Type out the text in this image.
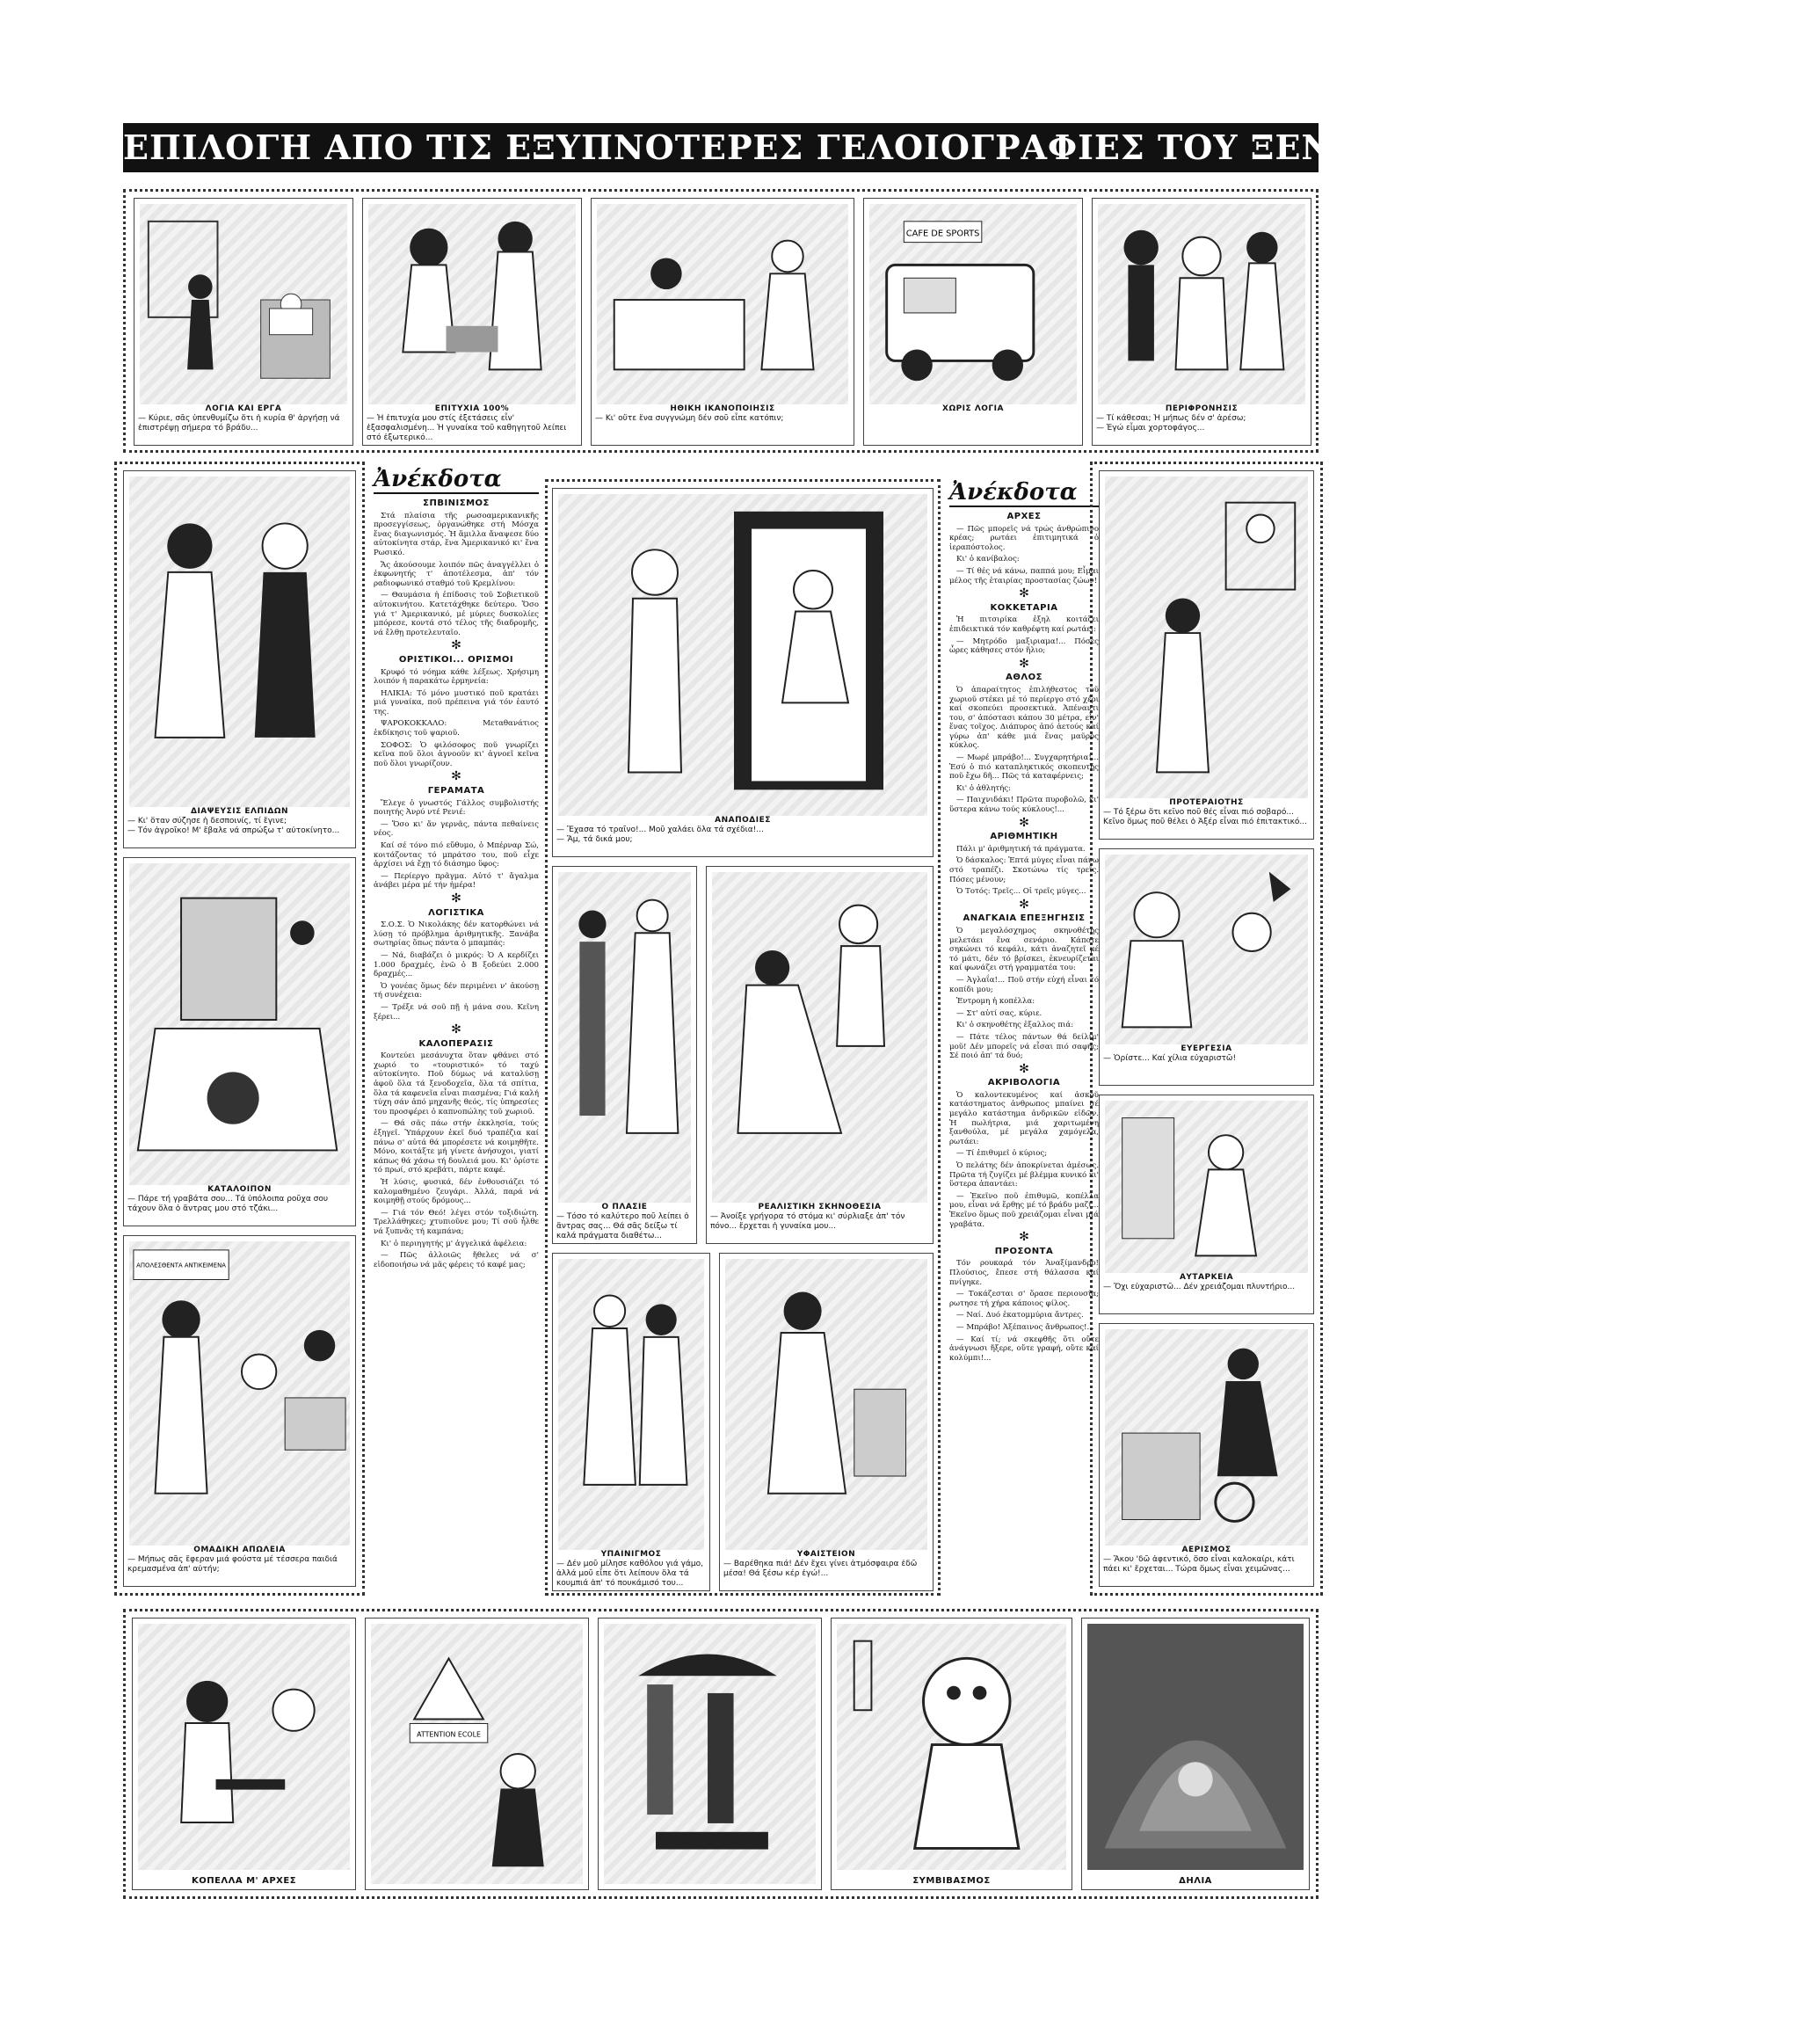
ΕΠΙΛΟΓΗ ΑΠΟ ΤΙΣ ΕΞΥΠΝΟΤΕΡΕΣ ΓΕΛΟΙΟΓΡΑΦΙΕΣ ΤΟΥ ΞΕΝΟΥ ΠΕΡΙΟΔΙΚΟΥ ΤΥΠΟΥ
ΛΟΓΙΑ ΚΑΙ ΕΡΓΑ
— Κύριε, σᾶς ὑπενθυμίζω ὅτι ἡ κυρία θ' ἀργήσῃ νά ἐπιστρέψῃ σήμερα τό βράδυ...
ΕΠΙΤΥΧΙΑ 100%
— Ἡ ἐπιτυχία μου στίς ἐξετάσεις εἶν' ἐξασφαλισμένη... Ἡ γυναίκα τοῦ καθηγητοῦ λείπει στό ἐξωτερικό...
ΗΘΙΚΗ ΙΚΑΝΟΠΟΙΗΣΙΣ
— Κι' οὔτε ἕνα συγγνώμη δέν σοῦ εἶπε κατόπιν;
CAFE DE SPORTS
ΧΩΡΙΣ ΛΟΓΙΑ	ΠΕΡΙΦΡΟΝΗΣΙΣ
— Τί κάθεσαι; Ἡ μήπως δέν σ' ἀρέσω;
— Ἐγώ εἶμαι χορτοφάγος...
ΔΙΑΨΕΥΣΙΣ ΕΛΠΙΔΩΝ
— Κι' ὅταν σύζησε ἡ δεσποινίς, τί ἔγινε;
— Τόν ἀγροῖκο! Μ' ἔβαλε νά σπρώξω τ' αὐτοκίνητο...
ΚΑΤΑΛΟΙΠΟΝ
— Πάρε τή γραβάτα σου... Τά ὑπόλοιπα ροῦχα σου τάχουν ὅλα ὁ ἄντρας μου στό τζάκι...
ΑΠΟΛΕΣΘΕΝΤΑ ΑΝΤΙΚΕΙΜΕΝΑ
ΟΜΑΔΙΚΗ ΑΠΩΛΕΙΑ
— Μήπως σᾶς ἔφεραν μιά φούστα μέ τέσσερα παιδιά κρεμασμένα ἀπ' αὐτήν;
Ἀνέκδοτα
ΣΠΒΙΝΙΣΜΟΣ

Στά πλαίσια τῆς ρωσοαμερικανικῆς προσεγγίσεως, ὀργανώθηκε στή Μόσχα ἕνας διαγωνισμός. Ἡ ἅμιλλα ἄναψεσε δύο αὐτοκίνητα στάρ, ἕνα Ἀμερικανικό κι' ἕνα Ρωσικό.

Ἄς ἀκούσουμε λοιπόν πῶς ἀναγγέλλει ὁ ἐκφωνητής τ' ἀποτέλεσμα, ἀπ' τόν ραδιοφωνικό σταθμό τοῦ Κρεμλίνου:

— Θαυμάσια ἡ ἐπίδοσις τοῦ Σοβιετικοῦ αὐτοκινήτου. Κατετάχθηκε δεύτερο. Ὅσο γιά τ' Ἀμερικανικό, μέ μύριες δυσκολίες μπόρεσε, κοντά στό τέλος τῆς διαδρομῆς, νά ἔλθῃ προτελευταῖο.

✻
ΟΡΙΣΤΙΚΟΙ... ΟΡΙΣΜΟΙ

Κρυφό τό νόημα κάθε λέξεως. Χρήσιμη λοιπόν ἡ παρακάτω ἑρμηνεία:

ΗΛΙΚΙΑ: Τό μόνο μυστικό ποῦ κρατάει μιά γυναίκα, ποῦ πρέπεινα γιά τόν ἑαυτό της.

ΨΑΡΟΚΟΚΚΑΛΟ: Μεταθανάτιος ἐκδίκησις τοῦ ψαριοῦ.

ΣΟΦΟΣ: Ὁ φιλόσοφος ποῦ γνωρίζει κεῖνα ποῦ ὅλοι ἀγνοοῦν κι' ἀγνοεῖ κεῖνα ποῦ ὅλοι γνωρίζουν.

✻
ΓΕΡΑΜΑΤΑ

Ἔλεγε ὁ γνωστός Γάλλος συμβολιστής ποιητής Ἀνρύ ντέ Ρενιέ:

— Ὅσο κι' ἄν γερνᾶς, πάντα πεθαίνεις νέος.

Καί σέ τόνο πιό εὔθυμο, ὁ Μπέρναρ Σώ, κοιτάζοντας τό μπράτσο του, ποῦ εἶχε ἀρχίσει νά ἔχῃ τό διάσημο ὕφος:

— Περίεργο πρᾶγμα. Αὐτό τ' ἄγαλμα ἀνάβει μέρα μέ τήν ἡμέρα!

✻
ΛΟΓΙΣΤΙΚΑ

Σ.Ο.Σ. Ὁ Νικολάκης δέν κατορθώνει νά λύσῃ τό πρόβλημα ἀριθμητικῆς. Ξανάβα σωτηρίας ὅπως πάντα ὁ μπαμπάς:

— Νά, διαβάζει ὁ μικρός: Ὁ Α κερδίζει 1.000 δραχμές, ἐνῶ ὁ Β ξοδεύει 2.000 δραχμές...

Ὁ γονέας ὅμως δέν περιμένει ν' ἀκούσῃ τή συνέχεια:

— Τρέξε νά σοῦ πῇ ἡ μάνα σου. Κεῖνη ξέρει...

✻
ΚΑΛΟΠΕΡΑΣΙΣ

Κοντεύει μεσάνυχτα ὅταν φθάνει στό χωριό το «τουριστικό» τό ταχύ αὐτοκίνητο. Ποῦ δύμως νά καταλύσῃ ἀφοῦ ὅλα τά ξενοδοχεῖα, ὅλα τά σπίτια, ὅλα τά καφενεῖα εἶναι πιασμένα; Γιά καλή τύχη σάν ἀπό μηχανῆς θεός, τίς ὑπηρεσίες του προσφέρει ὁ καπνοπώλης τοῦ χωριοῦ.

— Θά σᾶς πάω στήν ἐκκλησία, τούς ἐξηγεῖ. Ὑπάρχουν ἐκεῖ δυό τραπέζια καί πάνω σ' αὐτά θά μπορέσετε νά κοιμηθῆτε. Μόνο, κοιτάξτε μή γίνετε ἀνήσυχοι, γιατί κάπως θά χάσω τή δουλειά μου. Κι' ὁρίστε τό πρωί, στό κρεβάτι, πάρτε καφέ.

Ἡ λύσις, φυσικά, δέν ἐνθουσιάζει τό καλομαθημένο ζευγάρι. Ἀλλά, παρά νά κοιμηθῇ στούς δρόμους...

— Γιά τόν Θεό! λέγει στόν τοξιδιώτη. Τρελλάθηκες; χτυπιοῦνε μου; Τί σοῦ ἦλθε νά ξυπνᾶς τή καμπάνα;

Κι' ὁ περιηγητής μ' ἀγγελικά ἀφέλεια:

— Πῶς ἀλλοιῶς ἤθελες νά σ' εἰδοποιήσω νά μᾶς φέρεις τό καφέ μας;

ΑΝΑΠΟΔΙΕΣ
— Ἔχασα τό τραῖνο!... Μοῦ χαλάει ὅλα τά σχέδια!...
— Ἄμ, τά δικά μου;
Ο ΠΛΑΣΙΕ
— Τόσο τό καλύτερο ποῦ λείπει ὁ ἄντρας σας... Θά σᾶς δείξω τί καλά πράγματα διαθέτω...
ΡΕΑΛΙΣΤΙΚΗ ΣΚΗΝΟΘΕΣΙΑ
— Ἀνοίξε γρήγορα τό στόμα κι' σύρλιαξε ἀπ' τόν πόνο... ἔρχεται ἡ γυναίκα μου...
ΥΠΑΙΝΙΓΜΟΣ
— Δέν μοῦ μίλησε καθόλου γιά γάμο, ἀλλά μοῦ εἶπε ὅτι λείπουν ὅλα τά κουμπιά ἀπ' τό πουκάμισό του...
ΥΦΑΙΣΤΕΙΟΝ
— Βαρέθηκα πιά! Δέν ἔχει γίνει ἀτμόσφαιρα ἐδῶ μέσα! Θά ξέσω κέρ ἐγώ!...
Ἀνέκδοτα
ΑΡΧΕΣ

— Πῶς μπορεῖς νά τρώς ἀνθρώπινο κρέας; ρωτάει ἐπιτιμητικά ὁ ἱεραπόστολος.

Κι' ὁ κανίβαλος:

— Τί θές νά κάνω, παππά μου; Εἶμαι μέλος τῆς ἑταιρίας προστασίας ζώων!

✻
ΚΟΚΚΕΤΑΡΙΑ

Ἡ πιτσιρίκα ἐξηλ κοιτάζει ἐπιδεικτικά τόν καθρέφτη καί ρωτάει:

— Μητρόδο μαξιριαμα!... Πόσες ὧρες κάθησες στόν ἥλιο;

✻
ΑΘΛΟΣ

Ὁ ἀπαραίτητος ἐπιλήθεστος τοῦ χωριοῦ στέκει μέ τό περίεργο στό χέρι καί σκοπεύει προσεκτικά. Ἀπέναντι του, σ' ἀπόστασι κάπου 30 μέτρα, εἶν' ἕνας τοῖχος. Διάπυρος ἀπό ἀετούς καί γύρω ἀπ' κάθε μιά ἕνας μαῦρος κύκλος.

— Μωρέ μπράβο!... Συγχαρητήρια!... Ἐσύ ὁ πιό καταπληκτικός σκοπευτής ποῦ ἔχω δῆ... Πῶς τά καταφέρνεις;

Κι' ὁ ἀθλητής:

— Παιχνιδάκι! Πρῶτα πυροβολῶ, κι' ὕστερα κάνω τούς κύκλους!...

✻
ΑΡΙΘΜΗΤΙΚΗ

Πάλι μ' ἀριθμητική τά πράγματα.

Ὁ δάσκαλος: Ἑπτά μύγες εἶναι πάνω στό τραπέζι. Σκοτώνω τίς τρεῖς. Πόσες μένουν;

Ὁ Τοτός: Τρεῖς... Οἱ τρεῖς μύγες...

✻
ΑΝΑΓΚΑΙΑ ΕΠΕΞΗΓΗΣΙΣ

Ὁ μεγαλόσχημος σκηνοθέτης μελετάει ἕνα σενάριο. Κάποτε σηκώνει τό κεφάλι, κάτι ἀναζητεῖ μέ τό μάτι, δέν τό βρίσκει, ἐκνευρίζεται καί φωνάζει στή γραμματέα του:

— Ἀγλαΐα!... Ποῦ στήν εὐχή εἶναι τό κοπίδι μου;

Ἐντρομη ἡ κοπέλλα:

— Στ' αὐτί σας, κύριε.

Κι' ὁ σκηνοθέτης ἐξαλλος πιά:

— Πάτε τέλος πάντων θά δείλιμ' μοῦ! Δέν μπορεῖς νά εἶσαι πιό σαφής; Σέ ποιό ἀπ' τά δυό;

✻
ΑΚΡΙΒΟΛΟΓΙΑ

Ὁ καλοντεκυμένος καί ἀσκοῦ κατάστηματος ἀνθρωπος μπαίνει σέ μεγάλο κατάστημα ἀνδρικῶν εἰδῶν. Ἡ πωλήτρια, μιά χαριτωμένη ξανθούλα, μέ μεγάλα χαμόγελα, ρωτάει:

— Τί ἐπιθυμεῖ ὁ κύριος;

Ὁ πελάτης δέν ἀποκρίνεται ἀμέσως. Πρῶτα τή ζυγίζει μέ βλέμμα κυνικό κι' ὕστερα ἀπαντάει:

— Ἐκεῖνο ποῦ ἐπιθυμῶ, κοπέλλα μου, εἶναι νά ἔρθῃς μέ τό βράδυ μαζί... Ἐκεῖνο ὅμως ποῦ χρειάζομαι εἶναι μιά γραβάτα.

✻
ΠΡΟΣΟΝΤΑ

Τόν ρουκαρά τόν Ἀναξίμανδρο! Πλούσιος, ἔπεσε στή θάλασσα καί πνίγηκε.

— Τοκάζεσται σ' ὅρασε περιουσία; ρωτησε τή χήρα κάποιος φίλος.

— Ναί. Δυό ἑκατομμύρια ἄντρες.

— Μπράβο! Ἀξέπαινος ἄνθρωπος!...

— Καί τί; νά σκεφθῆς ὅτι οὔτε ἀνάγνωσι ἤξερε, οὔτε γραφή, οὔτε καί κολύμπι!...

ΠΡΟΤΕΡΑΙΟΤΗΣ
— Τό ξέρω ὅτι κεῖνο ποῦ θές εἶναι πιό σοβαρό... Κεῖνο ὅμως ποῦ θέλει ὁ Ἀξέρ εἶναι πιό ἐπιτακτικό...
ΕΥΕΡΓΕΣΙΑ
— Ὁρίστε... Καί χίλια εὐχαριστῶ!
ΑΥΤΑΡΚΕΙΑ
— Ὄχι εὐχαριστῶ... Δέν χρειάζομαι πλυντήριο...
ΑΕΡΙΣΜΟΣ
— Ἄκου 'δῶ ἀφεντικό, ὅσο εἶναι καλοκαίρι, κάτι πάει κι' ἔρχεται... Τώρα ὅμως εἶναι χειμῶνας...
ΚΟΠΕΛΛΑ Μ' ΑΡΧΕΣ
ATTENTION ECOLE
ΣΥΜΒΙΒΑΣΜΟΣ	ΔΗΛΙΑ
